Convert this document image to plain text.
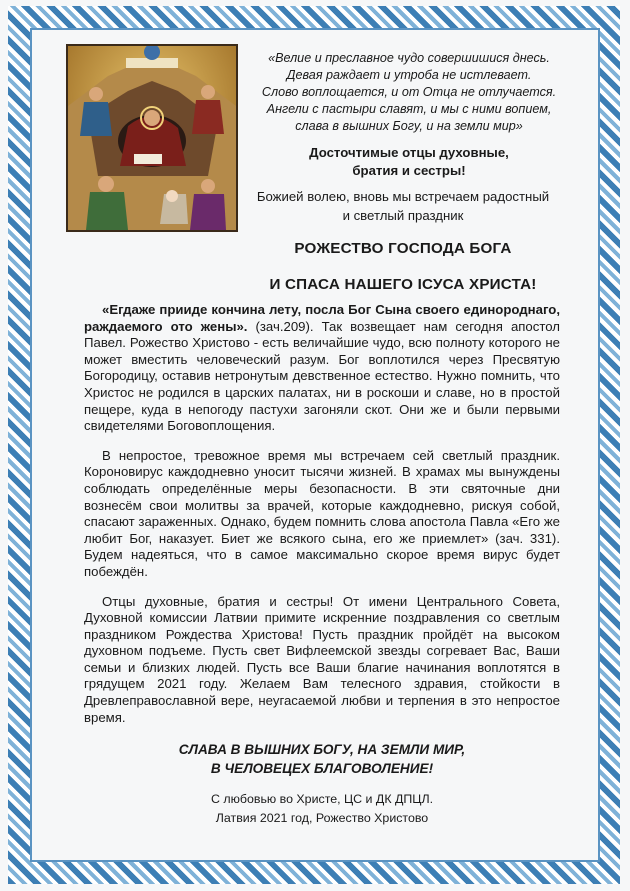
«Велие и преславное чудо совершишися днесь.
Девая раждает и утроба не истлевает.
Слово воплощается, и от Отца не отлучается.
Ангели с пастыри славят, и мы с ними вопием,
слава в вышних Богу, и на земли мир»
Досточтимые отцы духовные,
братия и сестры!
Божией волею, вновь мы встречаем радостный
и светлый праздник
РОЖЕСТВО ГОСПОДА БОГА
И СПАСА НАШЕГО IСУСА ХРИСТА!

«Егдаже прииде кончина лету, посла Бог Сына своего единороднаго, раждаемого ото жены». (зач.209). Так возвещает нам сегодня апостол Павел. Рожество Христово - есть величайшие чудо, всю полноту которого не может вместить человеческий разум. Бог воплотился через Пресвятую Богородицу, оставив нетронутым девственное естество. Нужно помнить, что Христос не родился в царских палатах, ни в роскоши и славе, но в простой пещере, куда в непогоду пастухи загоняли скот. Они же и были первыми свидетелями Боговоплощения.

В непростое, тревожное время мы встречаем сей светлый праздник. Короновирус каждодневно уносит тысячи жизней. В храмах мы вынуждены соблюдать определённые меры безопасности. В эти святочные дни вознесём свои молитвы за врачей, которые каждодневно, рискуя собой, спасают зараженных. Однако, будем помнить слова апостола Павла «Его же любит Бог, наказует. Биет же всякого сына, его же приемлет» (зач. 331). Будем надеяться, что в самое максимально скорое время вирус будет побеждён.

Отцы духовные, братия и сестры! От имени Центрального Совета, Духовной комиссии Латвии примите искренние поздравления со светлым праздником Рождества Христова! Пусть праздник пройдёт на высоком духовном подъеме. Пусть свет Вифлеемской звезды согревает Вас, Ваши семьи и близких людей. Пусть все Ваши благие начинания воплотятся в грядущем 2021 году. Желаем Вам телесного здравия, стойкости в Древлеправославной вере, неугасаемой любви и терпения в это непростое время.

СЛАВА В ВЫШНИХ БОГУ, НА ЗЕМЛИ МИР,
В ЧЕЛОВЕЦЕХ БЛАГОВОЛЕНИЕ!
С любовью во Христе, ЦС и ДК ДПЦЛ.
Латвия 2021 год, Рожество Христово
